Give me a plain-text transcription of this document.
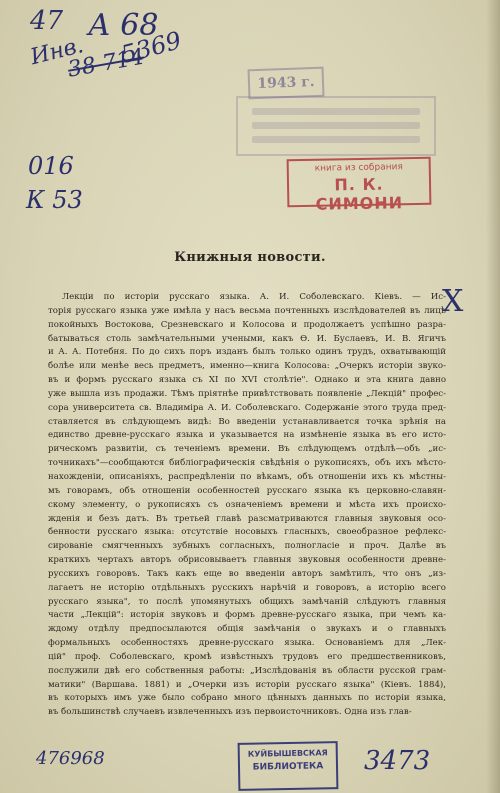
47 А 68
Инв.
38 714
5369
016
К 53
X
476968	3473
1943 г.
книга из собрания
П. К. СИМОНИ
Книжныя новости.
Лекціи по исторіи русскаго языка. А. И. Соболевскаго. Кіевъ. — Ис-
торія русскаго языка уже имѣла у насъ весьма почтенныхъ изслѣдователей въ лицѣ
покойныхъ Востокова, Срезневскаго и Колосова и продолжаетъ успѣшно разра-
батываться столь замѣчательными учеными, какъ Ѳ. И. Буслаевъ, И. В. Ягичъ
и А. А. Потебня. По до сихъ поръ изданъ былъ только одинъ трудъ, охватывающій
болѣе или менѣе весь предметъ, именно—книга Колосова: „Очеркъ исторіи звуко-
въ и формъ русскаго языка съ XI по XVI столѣтіе". Однако и эта книга давно
уже вышла изъ продажи. Тѣмъ пріятнѣе привѣтствовать появленіе „Лекцій" профес-
сора университета св. Владиміра А. И. Соболевскаго. Содержаніе этого труда пред-
ставляется въ слѣдующемъ видѣ: Во введеніи устанавливается точка зрѣнія на
единство древне-русскаго языка и указывается на измѣненіе языка въ его исто-
рическомъ развитіи, съ теченіемъ времени. Въ слѣдующемъ отдѣлѣ—объ „ис-
точникахъ"—сообщаются библіографическія свѣдѣнія о рукописяхъ, объ ихъ мѣсто-
нахожденіи, описаніяхъ, распредѣленіи по вѣкамъ, объ отношеніи ихъ къ мѣстны-
мъ говорамъ, объ отношеніи особенностей русскаго языка къ церковно-славян-
скому элементу, о рукописяхъ съ означеніемъ времени и мѣста ихъ происхо-
жденія и безъ датъ. Въ третьей главѣ разсматриваются главныя звуковыя осо-
бенности русскаго языка: отсутствіе носовыхъ гласныхъ, своеобразное рефлекс-
сированіе смягченныхъ зубныхъ согласныхъ, полногласіе и проч. Далѣе въ
краткихъ чертахъ авторъ обрисовываетъ главныя звуковыя особенности древне-
русскихъ говоровъ. Такъ какъ еще во введеніи авторъ замѣтилъ, что онъ „из-
лагаетъ не исторію отдѣльныхъ русскихъ нарѣчій и говоровъ, а исторію всего
русскаго языка", то послѣ упомянутыхъ общихъ замѣчаній слѣдуютъ главныя
части „Лекцій": исторія звуковъ и формъ древне-русскаго языка, при чемъ ка-
ждому отдѣлу предпосылаются общія замѣчанія о звукахъ и о главныхъ
формальныхъ особенностяхъ древне-русскаго языка. Основаніемъ для „Лек-
цій" проф. Соболевскаго, кромѣ извѣстныхъ трудовъ его предшественниковъ,
послужили двѣ его собственныя работы: „Изслѣдованія въ области русской грам-
матики" (Варшава. 1881) и „Очерки изъ исторіи русскаго языка" (Кіевъ. 1884),
въ которыхъ имъ уже было собрано много цѣнныхъ данныхъ по исторіи языка,
въ большинствѣ случаевъ извлеченныхъ изъ первоисточниковъ. Одна изъ глав-
КУЙБЫШЕВСКАЯ
БИБЛИОТЕКА
